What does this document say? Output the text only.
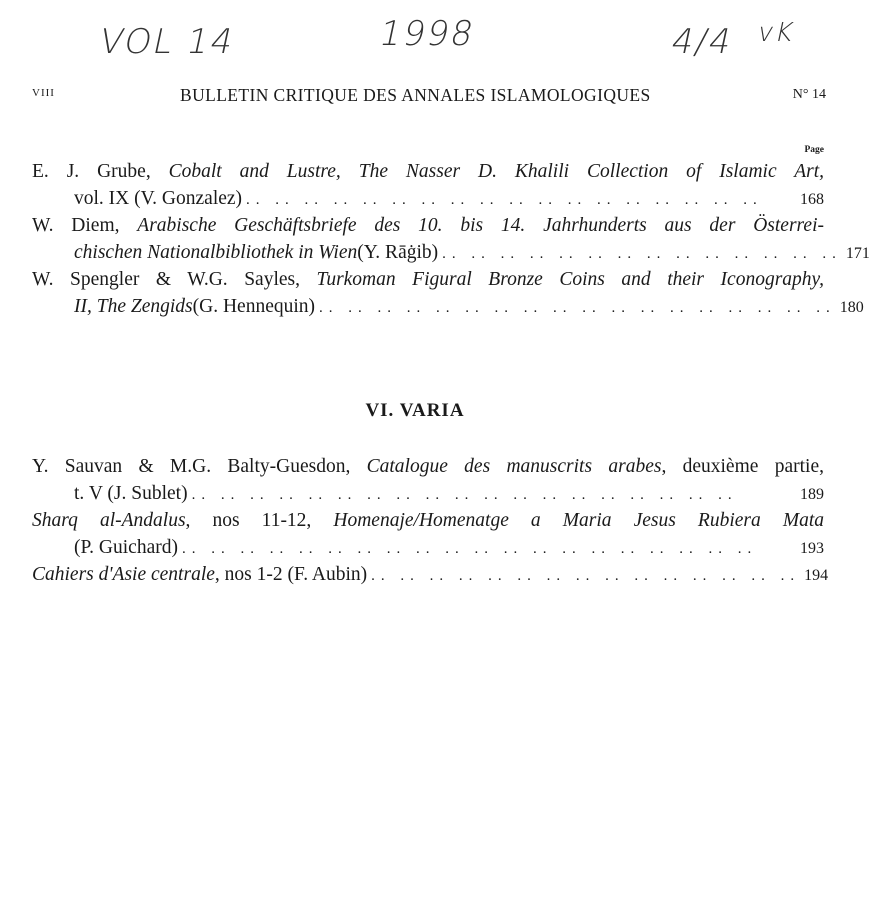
VOL 14	1998	4/4 vK
VIII	BULLETIN CRITIQUE DES ANNALES ISLAMOLOGIQUES	N° 14
Page
E. J. Grube, Cobalt and Lustre, The Nasser D. Khalili Collection of Islamic Art,
vol. IX (V. Gonzalez) .. .. .. .. .. .. .. .. .. .. .. .. .. .. .. .. .. ..	168
W. Diem, Arabische Geschäftsbriefe des 10. bis 14. Jahrhunderts aus der Österrei-
chischen Nationalbibliothek in Wien (Y. Rāġib) .. .. .. .. .. .. .. .. .. .. .. .. .. .. 171
W. Spengler & W.G. Sayles, Turkoman Figural Bronze Coins and their Iconography,
II, The Zengids (G. Hennequin) .. .. .. .. .. .. .. .. .. .. .. .. .. .. .. .. .. .. 180
VI. VARIA
Y. Sauvan & M.G. Balty-Guesdon, Catalogue des manuscrits arabes, deuxième partie,
t. V (J. Sublet) .. .. .. .. .. .. .. .. .. .. .. .. .. .. .. .. .. .. ..	189
Sharq al-Andalus, nos 11-12, Homenaje/Homenatge a Maria Jesus Rubiera Mata
(P. Guichard) .. .. .. .. .. .. .. .. .. .. .. .. .. .. .. .. .. .. .. ..	193
Cahiers d'Asie centrale , nos 1-2 (F. Aubin) .. .. .. .. .. .. .. .. .. .. .. .. .. .. .. 194
